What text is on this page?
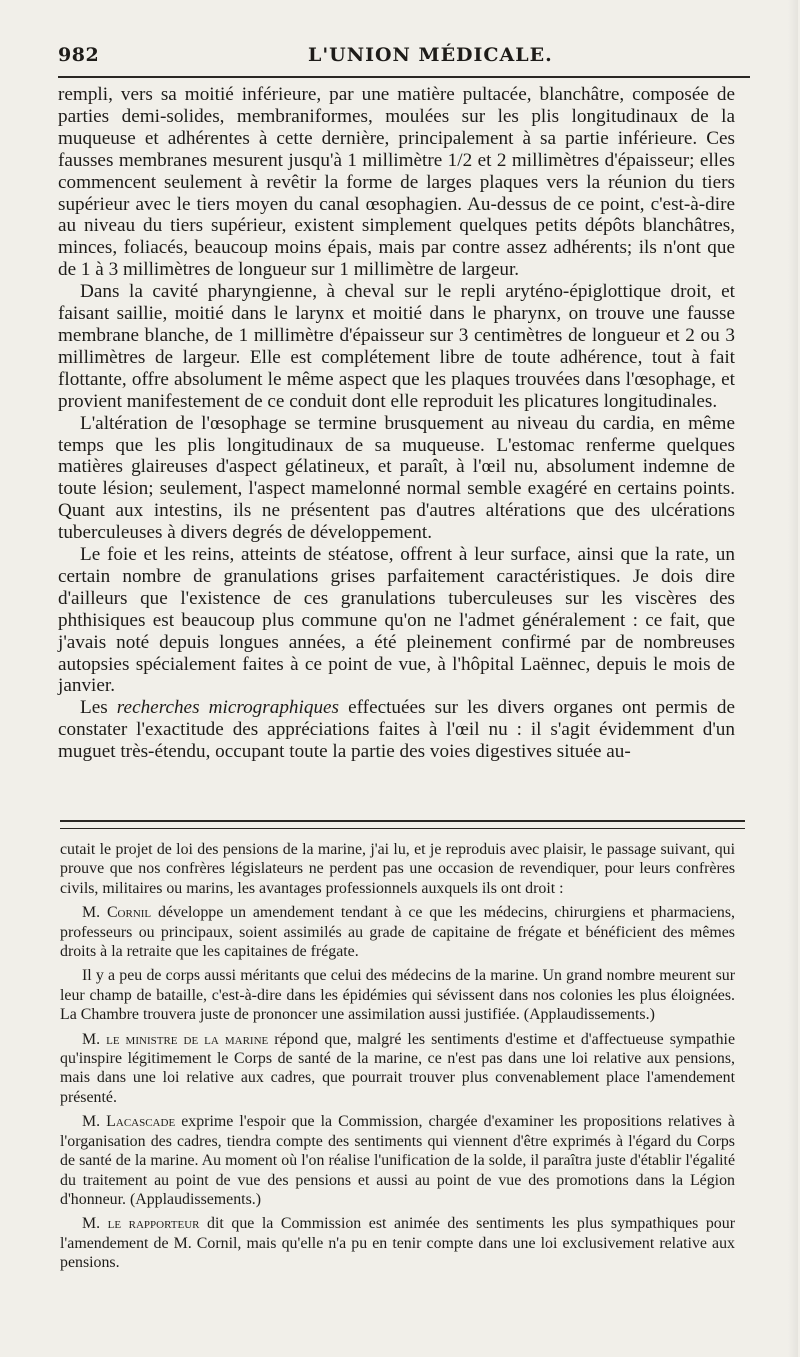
982	L'UNION MÉDICALE.

rempli, vers sa moitié inférieure, par une matière pultacée, blanchâtre, composée de parties demi-solides, membraniformes, moulées sur les plis longitudinaux de la muqueuse et adhérentes à cette dernière, principalement à sa partie inférieure. Ces fausses membranes mesurent jusqu'à 1 millimètre 1/2 et 2 millimètres d'épaisseur; elles commencent seulement à revêtir la forme de larges plaques vers la réunion du tiers supérieur avec le tiers moyen du canal œsophagien. Au-dessus de ce point, c'est-à-dire au niveau du tiers supérieur, existent simplement quelques petits dépôts blanchâtres, minces, foliacés, beaucoup moins épais, mais par contre assez adhérents; ils n'ont que de 1 à 3 millimètres de longueur sur 1 millimètre de largeur.

Dans la cavité pharyngienne, à cheval sur le repli aryténo-épiglottique droit, et faisant saillie, moitié dans le larynx et moitié dans le pharynx, on trouve une fausse membrane blanche, de 1 millimètre d'épaisseur sur 3 centimètres de longueur et 2 ou 3 millimètres de largeur. Elle est complétement libre de toute adhérence, tout à fait flottante, offre absolument le même aspect que les plaques trouvées dans l'œsophage, et provient manifestement de ce conduit dont elle reproduit les plicatures longitudinales.

L'altération de l'œsophage se termine brusquement au niveau du cardia, en même temps que les plis longitudinaux de sa muqueuse. L'estomac renferme quelques matières glaireuses d'aspect gélatineux, et paraît, à l'œil nu, absolument indemne de toute lésion; seulement, l'aspect mamelonné normal semble exagéré en certains points. Quant aux intestins, ils ne présentent pas d'autres altérations que des ulcérations tuberculeuses à divers degrés de développement.

Le foie et les reins, atteints de stéatose, offrent à leur surface, ainsi que la rate, un certain nombre de granulations grises parfaitement caractéristiques. Je dois dire d'ailleurs que l'existence de ces granulations tuberculeuses sur les viscères des phthisiques est beaucoup plus commune qu'on ne l'admet généralement : ce fait, que j'avais noté depuis longues années, a été pleinement confirmé par de nombreuses autopsies spécialement faites à ce point de vue, à l'hôpital Laënnec, depuis le mois de janvier.

Les recherches micrographiques effectuées sur les divers organes ont permis de constater l'exactitude des appréciations faites à l'œil nu : il s'agit évidemment d'un muguet très-étendu, occupant toute la partie des voies digestives située au-

cutait le projet de loi des pensions de la marine, j'ai lu, et je reproduis avec plaisir, le passage suivant, qui prouve que nos confrères législateurs ne perdent pas une occasion de revendiquer, pour leurs confrères civils, militaires ou marins, les avantages professionnels auxquels ils ont droit :

M. Cornil développe un amendement tendant à ce que les médecins, chirurgiens et pharmaciens, professeurs ou principaux, soient assimilés au grade de capitaine de frégate et bénéficient des mêmes droits à la retraite que les capitaines de frégate.

Il y a peu de corps aussi méritants que celui des médecins de la marine. Un grand nombre meurent sur leur champ de bataille, c'est-à-dire dans les épidémies qui sévissent dans nos colonies les plus éloignées. La Chambre trouvera juste de prononcer une assimilation aussi justifiée. (Applaudissements.)

M. le ministre de la marine répond que, malgré les sentiments d'estime et d'affectueuse sympathie qu'inspire légitimement le Corps de santé de la marine, ce n'est pas dans une loi relative aux pensions, mais dans une loi relative aux cadres, que pourrait trouver plus convenablement place l'amendement présenté.

M. Lacascade exprime l'espoir que la Commission, chargée d'examiner les propositions relatives à l'organisation des cadres, tiendra compte des sentiments qui viennent d'être exprimés à l'égard du Corps de santé de la marine. Au moment où l'on réalise l'unification de la solde, il paraîtra juste d'établir l'égalité du traitement au point de vue des pensions et aussi au point de vue des promotions dans la Légion d'honneur. (Applaudissements.)

M. le rapporteur dit que la Commission est animée des sentiments les plus sympathiques pour l'amendement de M. Cornil, mais qu'elle n'a pu en tenir compte dans une loi exclusivement relative aux pensions.
